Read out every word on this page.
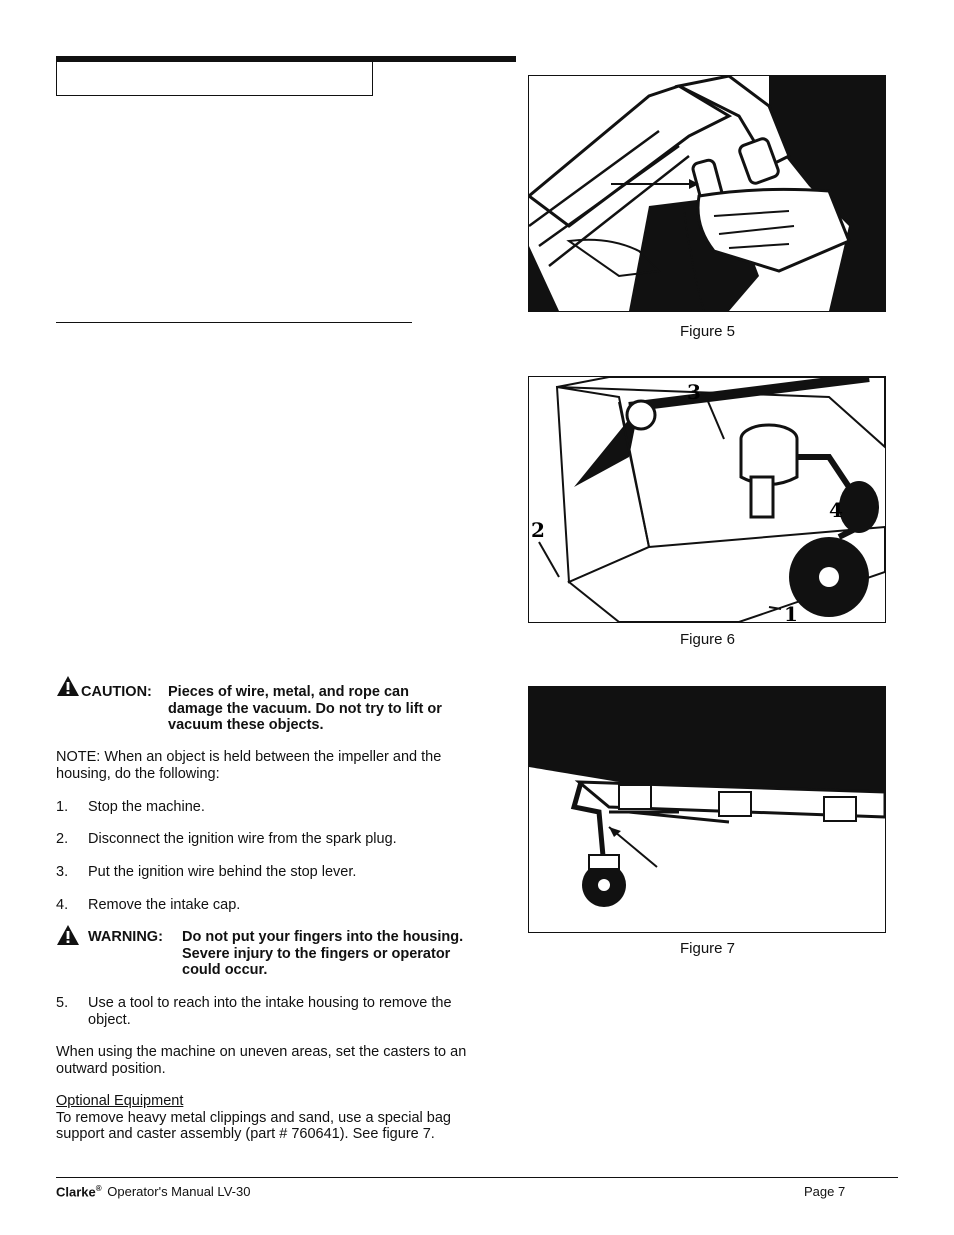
Figure 5
3
2
4
1
Figure 6
Figure 7
CAUTION: Pieces of wire, metal, and rope can
damage the vacuum. Do not try to lift or
vacuum these objects.
NOTE: When an object is held between the impeller and the
housing, do the following:
1.	Stop the machine.
2.	Disconnect the ignition wire from the spark plug.
3.	Put the ignition wire behind the stop lever.
4.	Remove the intake cap.
WARNING: Do not put your fingers into the housing.
Severe injury to the fingers or operator
could occur.
5.	Use a tool to reach into the intake housing to remove the
object.
When using the machine on uneven areas, set the casters to an
outward position.
Optional Equipment
To remove heavy metal clippings and sand, use a special bag
support and caster assembly (part # 760641). See figure 7.
Clarke® Operator's Manual LV-30	Page 7
